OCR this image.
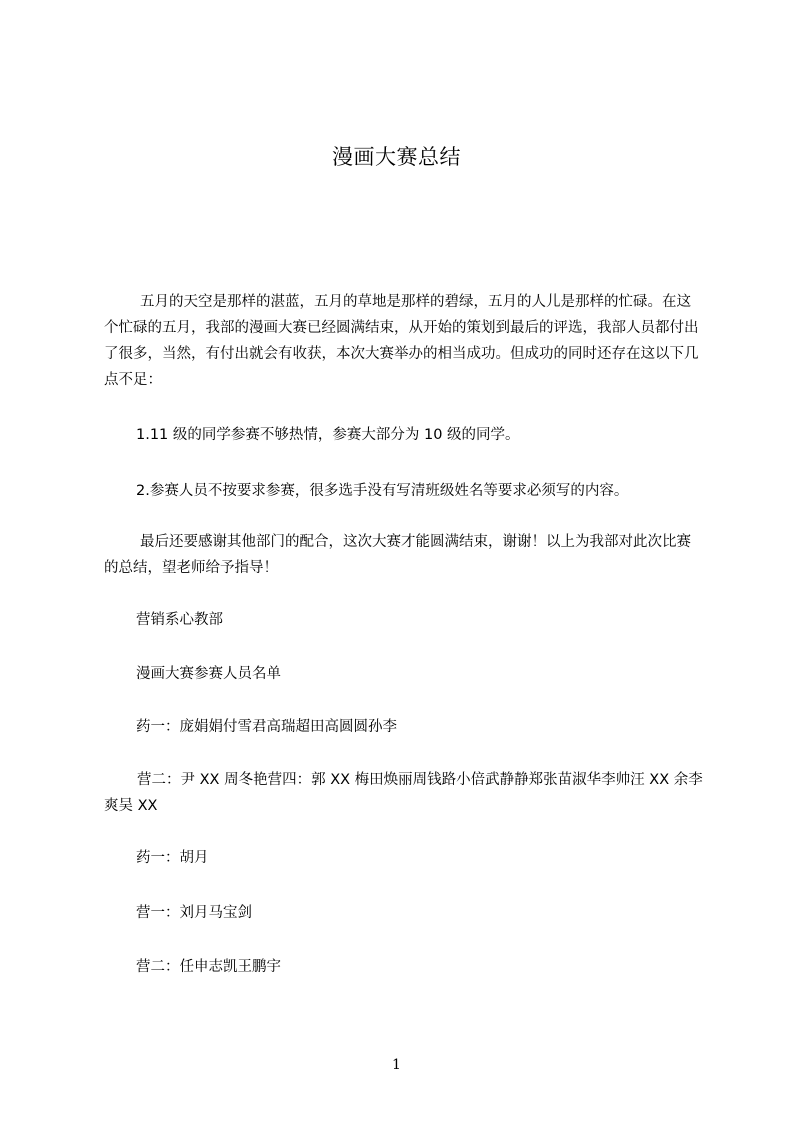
漫画大赛总结

五月的天空是那样的湛蓝，五月的草地是那样的碧绿，五月的人儿是那样的忙碌。在这个忙碌的五月，我部的漫画大赛已经圆满结束，从开始的策划到最后的评选，我部人员都付出了很多，当然，有付出就会有收获，本次大赛举办的相当成功。但成功的同时还存在这以下几点不足：

1.11 级的同学参赛不够热情，参赛大部分为 10 级的同学。

2.参赛人员不按要求参赛，很多选手没有写清班级姓名等要求必须写的内容。

最后还要感谢其他部门的配合，这次大赛才能圆满结束，谢谢！以上为我部对此次比赛的总结，望老师给予指导！

营销系心教部

漫画大赛参赛人员名单

药一：庞娟娟付雪君高瑞超田高圆圆孙李

营二：尹 XX 周冬艳营四：郭 XX 梅田焕丽周钱路小倍武静静郑张苗淑华李帅汪 XX 余李爽吴 XX

药一：胡月

营一：刘月马宝剑

营二：任申志凯王鹏宇

1
